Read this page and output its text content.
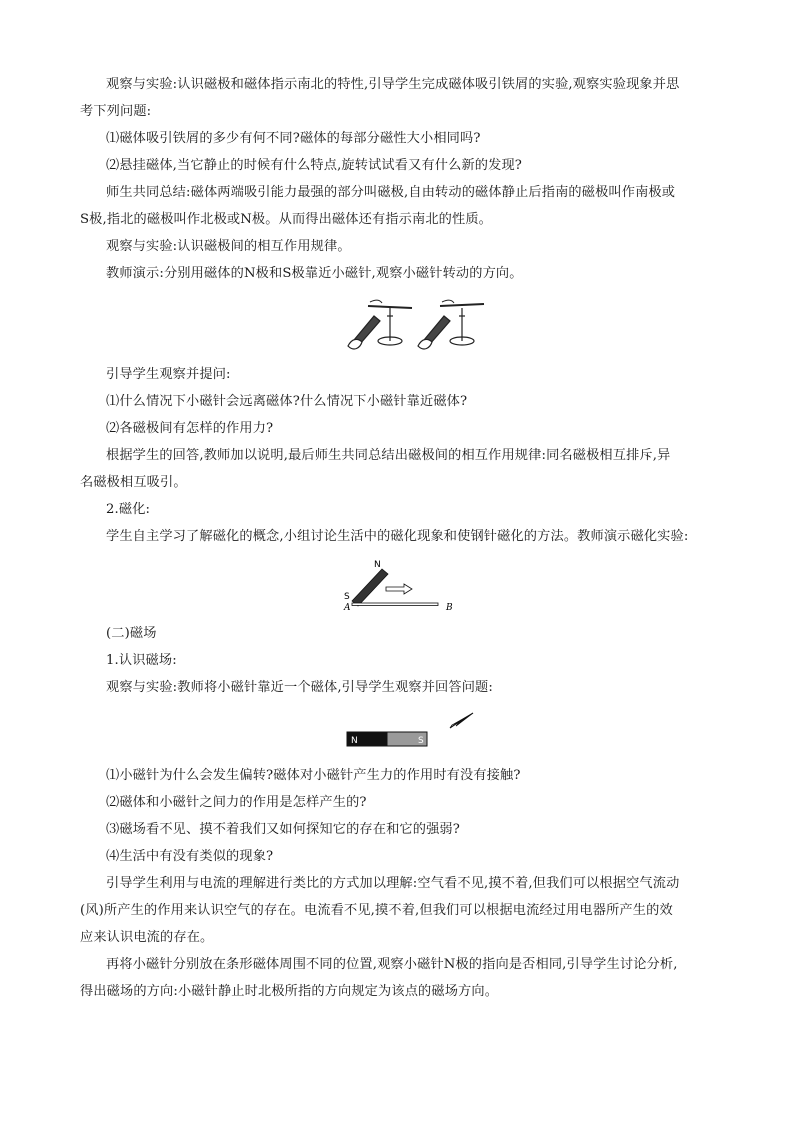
观察与实验:认识磁极和磁体指示南北的特性,引导学生完成磁体吸引铁屑的实验,观察实验现象并思
考下列问题:
⑴磁体吸引铁屑的多少有何不同?磁体的每部分磁性大小相同吗?
⑵悬挂磁体,当它静止的时候有什么特点,旋转试试看又有什么新的发现?
师生共同总结:磁体两端吸引能力最强的部分叫磁极,自由转动的磁体静止后指南的磁极叫作南极或
S极,指北的磁极叫作北极或N极。从而得出磁体还有指示南北的性质。
观察与实验:认识磁极间的相互作用规律。
教师演示:分别用磁体的N极和S极靠近小磁针,观察小磁针转动的方向。
引导学生观察并提问:
⑴什么情况下小磁针会远离磁体?什么情况下小磁针靠近磁体?
⑵各磁极间有怎样的作用力?
根据学生的回答,教师加以说明,最后师生共同总结出磁极间的相互作用规律:同名磁极相互排斥,异
名磁极相互吸引。
2.磁化:
学生自主学习了解磁化的概念,小组讨论生活中的磁化现象和使钢针磁化的方法。教师演示磁化实验:
N
S
A	B
(二)磁场
1.认识磁场:
观察与实验:教师将小磁针靠近一个磁体,引导学生观察并回答问题:
N	S
⑴小磁针为什么会发生偏转?磁体对小磁针产生力的作用时有没有接触?
⑵磁体和小磁针之间力的作用是怎样产生的?
⑶磁场看不见、摸不着我们又如何探知它的存在和它的强弱?
⑷生活中有没有类似的现象?
引导学生利用与电流的理解进行类比的方式加以理解:空气看不见,摸不着,但我们可以根据空气流动
(风)所产生的作用来认识空气的存在。电流看不见,摸不着,但我们可以根据电流经过用电器所产生的效
应来认识电流的存在。
再将小磁针分别放在条形磁体周围不同的位置,观察小磁针N极的指向是否相同,引导学生讨论分析,
得出磁场的方向:小磁针静止时北极所指的方向规定为该点的磁场方向。
